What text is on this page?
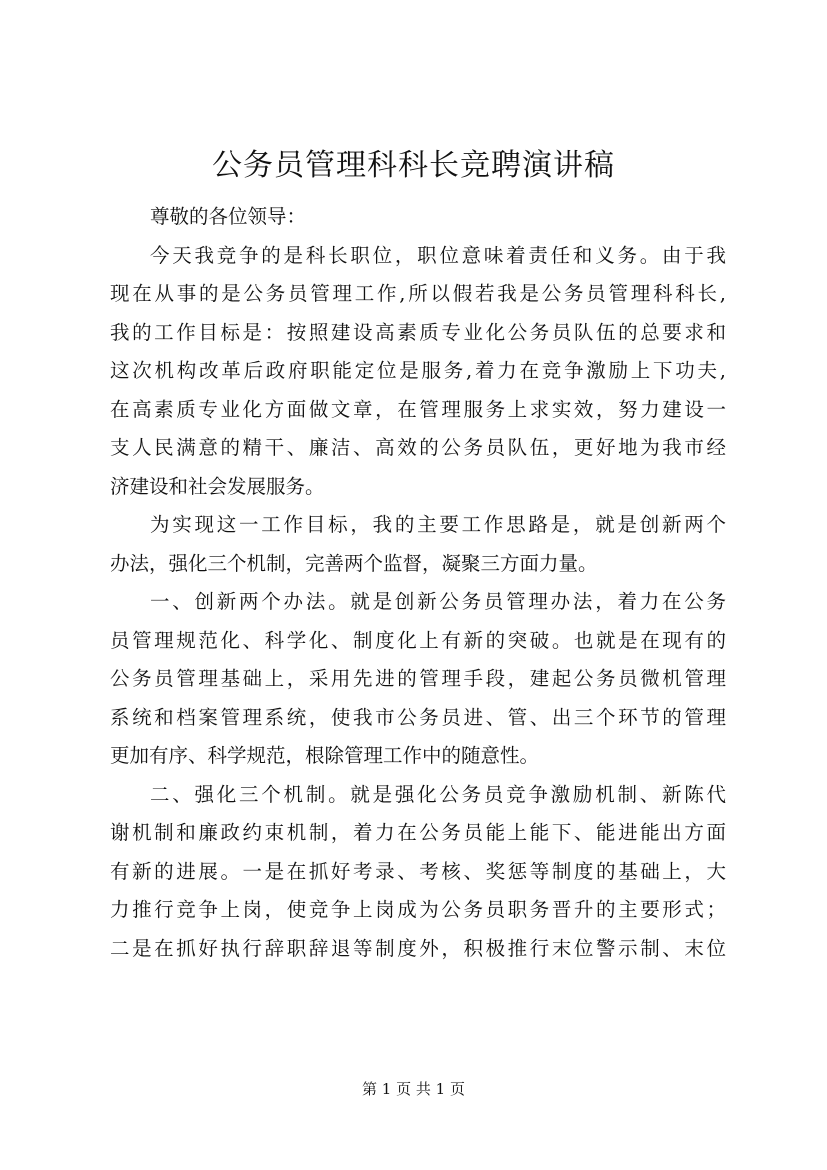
公务员管理科科长竞聘演讲稿
尊敬的各位领导：
今天我竞争的是科长职位，职位意味着责任和义务。由于我
现在从事的是公务员管理工作,所以假若我是公务员管理科科长,
我的工作目标是：按照建设高素质专业化公务员队伍的总要求和
这次机构改革后政府职能定位是服务,着力在竞争激励上下功夫,
在高素质专业化方面做文章，在管理服务上求实效，努力建设一
支人民满意的精干、廉洁、高效的公务员队伍，更好地为我市经
济建设和社会发展服务。
为实现这一工作目标，我的主要工作思路是，就是创新两个
办法，强化三个机制，完善两个监督，凝聚三方面力量。
一、创新两个办法。就是创新公务员管理办法，着力在公务
员管理规范化、科学化、制度化上有新的突破。也就是在现有的
公务员管理基础上，采用先进的管理手段，建起公务员微机管理
系统和档案管理系统，使我市公务员进、管、出三个环节的管理
更加有序、科学规范，根除管理工作中的随意性。
二、强化三个机制。就是强化公务员竞争激励机制、新陈代
谢机制和廉政约束机制，着力在公务员能上能下、能进能出方面
有新的进展。一是在抓好考录、考核、奖惩等制度的基础上，大
力推行竞争上岗，使竞争上岗成为公务员职务晋升的主要形式；
二是在抓好执行辞职辞退等制度外，积极推行末位警示制、末位
第 1 页 共 1 页
